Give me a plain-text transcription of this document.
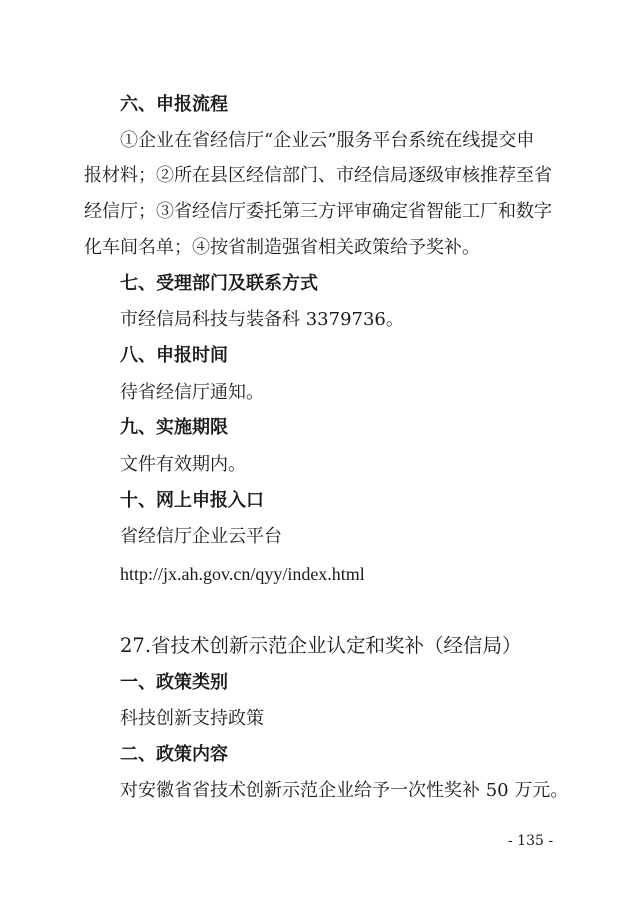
六、申报流程
①企业在省经信厅“企业云”服务平台系统在线提交申
报材料；②所在县区经信部门、市经信局逐级审核推荐至省
经信厅；③省经信厅委托第三方评审确定省智能工厂和数字
化车间名单；④按省制造强省相关政策给予奖补。
七、受理部门及联系方式
市经信局科技与装备科 3379736。
八、申报时间
待省经信厅通知。
九、实施期限
文件有效期内。
十、网上申报入口
省经信厅企业云平台
http://jx.ah.gov.cn/qyy/index.html
27.省技术创新示范企业认定和奖补（经信局）
一、政策类别
科技创新支持政策
二、政策内容
对安徽省省技术创新示范企业给予一次性奖补 50 万元。
- 135 -
